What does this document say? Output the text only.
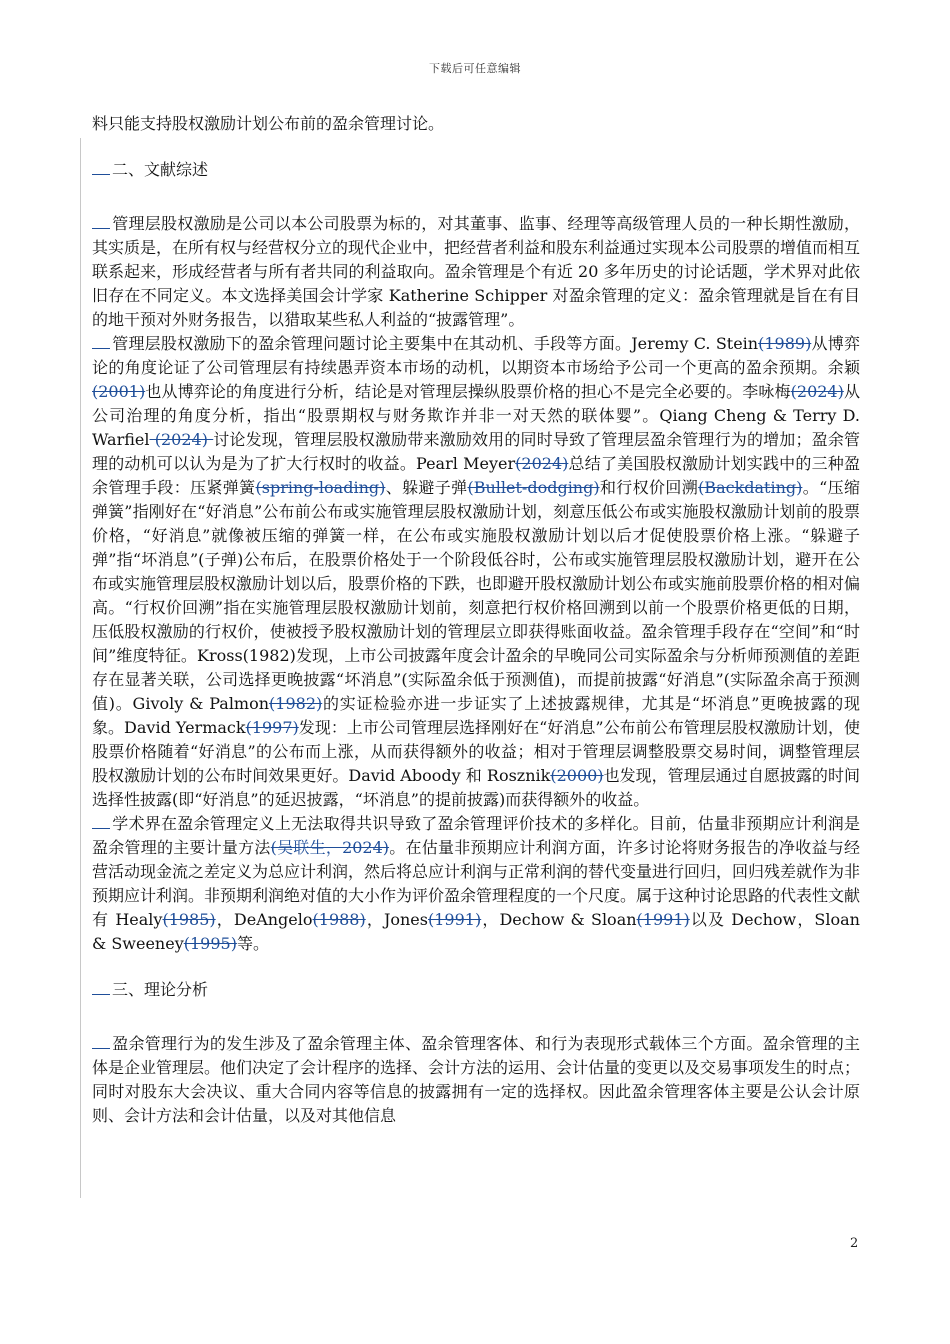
下载后可任意编辑

料只能支持股权激励计划公布前的盈余管理讨论。

二、文献综述

管理层股权激励是公司以本公司股票为标的，对其董事、监事、经理等高级管理人员的一种长期性激励，其实质是，在所有权与经营权分立的现代企业中，把经营者利益和股东利益通过实现本公司股票的增值而相互联系起来，形成经营者与所有者共同的利益取向。盈余管理是个有近 20 多年历史的讨论话题，学术界对此依旧存在不同定义。本文选择美国会计学家 Katherine Schipper 对盈余管理的定义：盈余管理就是旨在有目的地干预对外财务报告，以猎取某些私人利益的“披露管理”。

管理层股权激励下的盈余管理问题讨论主要集中在其动机、手段等方面。Jeremy C. Stein(1989)从博弈论的角度论证了公司管理层有持续愚弄资本市场的动机，以期资本市场给予公司一个更高的盈余预期。余颖(2001)也从博弈论的角度进行分析，结论是对管理层操纵股票价格的担心不是完全必要的。李咏梅(2024)从公司治理的角度分析，指出“股票期权与财务欺诈并非一对天然的联体婴”。Qiang Cheng & Terry D. Warfiel (2024) 讨论发现，管理层股权激励带来激励效用的同时导致了管理层盈余管理行为的增加；盈余管理的动机可以认为是为了扩大行权时的收益。Pearl Meyer(2024)总结了美国股权激励计划实践中的三种盈余管理手段：压紧弹簧(spring-loading)、躲避子弹(Bullet-dodging)和行权价回溯(Backdating)。“压缩弹簧”指刚好在“好消息”公布前公布或实施管理层股权激励计划，刻意压低公布或实施股权激励计划前的股票价格，“好消息”就像被压缩的弹簧一样，在公布或实施股权激励计划以后才促使股票价格上涨。“躲避子弹”指“坏消息”(子弹)公布后，在股票价格处于一个阶段低谷时，公布或实施管理层股权激励计划，避开在公布或实施管理层股权激励计划以后，股票价格的下跌，也即避开股权激励计划公布或实施前股票价格的相对偏高。“行权价回溯”指在实施管理层股权激励计划前，刻意把行权价格回溯到以前一个股票价格更低的日期，压低股权激励的行权价，使被授予股权激励计划的管理层立即获得账面收益。盈余管理手段存在“空间”和“时间”维度特征。Kross(1982)发现，上市公司披露年度会计盈余的早晚同公司实际盈余与分析师预测值的差距存在显著关联，公司选择更晚披露“坏消息”(实际盈余低于预测值)，而提前披露“好消息”(实际盈余高于预测值)。Givoly & Palmon(1982)的实证检验亦进一步证实了上述披露规律，尤其是“坏消息”更晚披露的现象。David Yermack(1997)发现：上市公司管理层选择刚好在“好消息”公布前公布管理层股权激励计划，使股票价格随着“好消息”的公布而上涨，从而获得额外的收益；相对于管理层调整股票交易时间，调整管理层股权激励计划的公布时间效果更好。David Aboody 和 Rosznik(2000)也发现，管理层通过自愿披露的时间选择性披露(即“好消息”的延迟披露，“坏消息”的提前披露)而获得额外的收益。

学术界在盈余管理定义上无法取得共识导致了盈余管理评价技术的多样化。目前，估量非预期应计利润是盈余管理的主要计量方法(吴联生，2024)。在估量非预期应计利润方面，许多讨论将财务报告的净收益与经营活动现金流之差定义为总应计利润，然后将总应计利润与正常利润的替代变量进行回归，回归残差就作为非预期应计利润。非预期利润绝对值的大小作为评价盈余管理程度的一个尺度。属于这种讨论思路的代表性文献有 Healy(1985)，DeAngelo(1988)，Jones(1991)，Dechow & Sloan(1991)以及 Dechow，Sloan & Sweeney(1995)等。

三、理论分析

盈余管理行为的发生涉及了盈余管理主体、盈余管理客体、和行为表现形式载体三个方面。盈余管理的主体是企业管理层。他们决定了会计程序的选择、会计方法的运用、会计估量的变更以及交易事项发生的时点；同时对股东大会决议、重大合同内容等信息的披露拥有一定的选择权。因此盈余管理客体主要是公认会计原则、会计方法和会计估量，以及对其他信息

2
